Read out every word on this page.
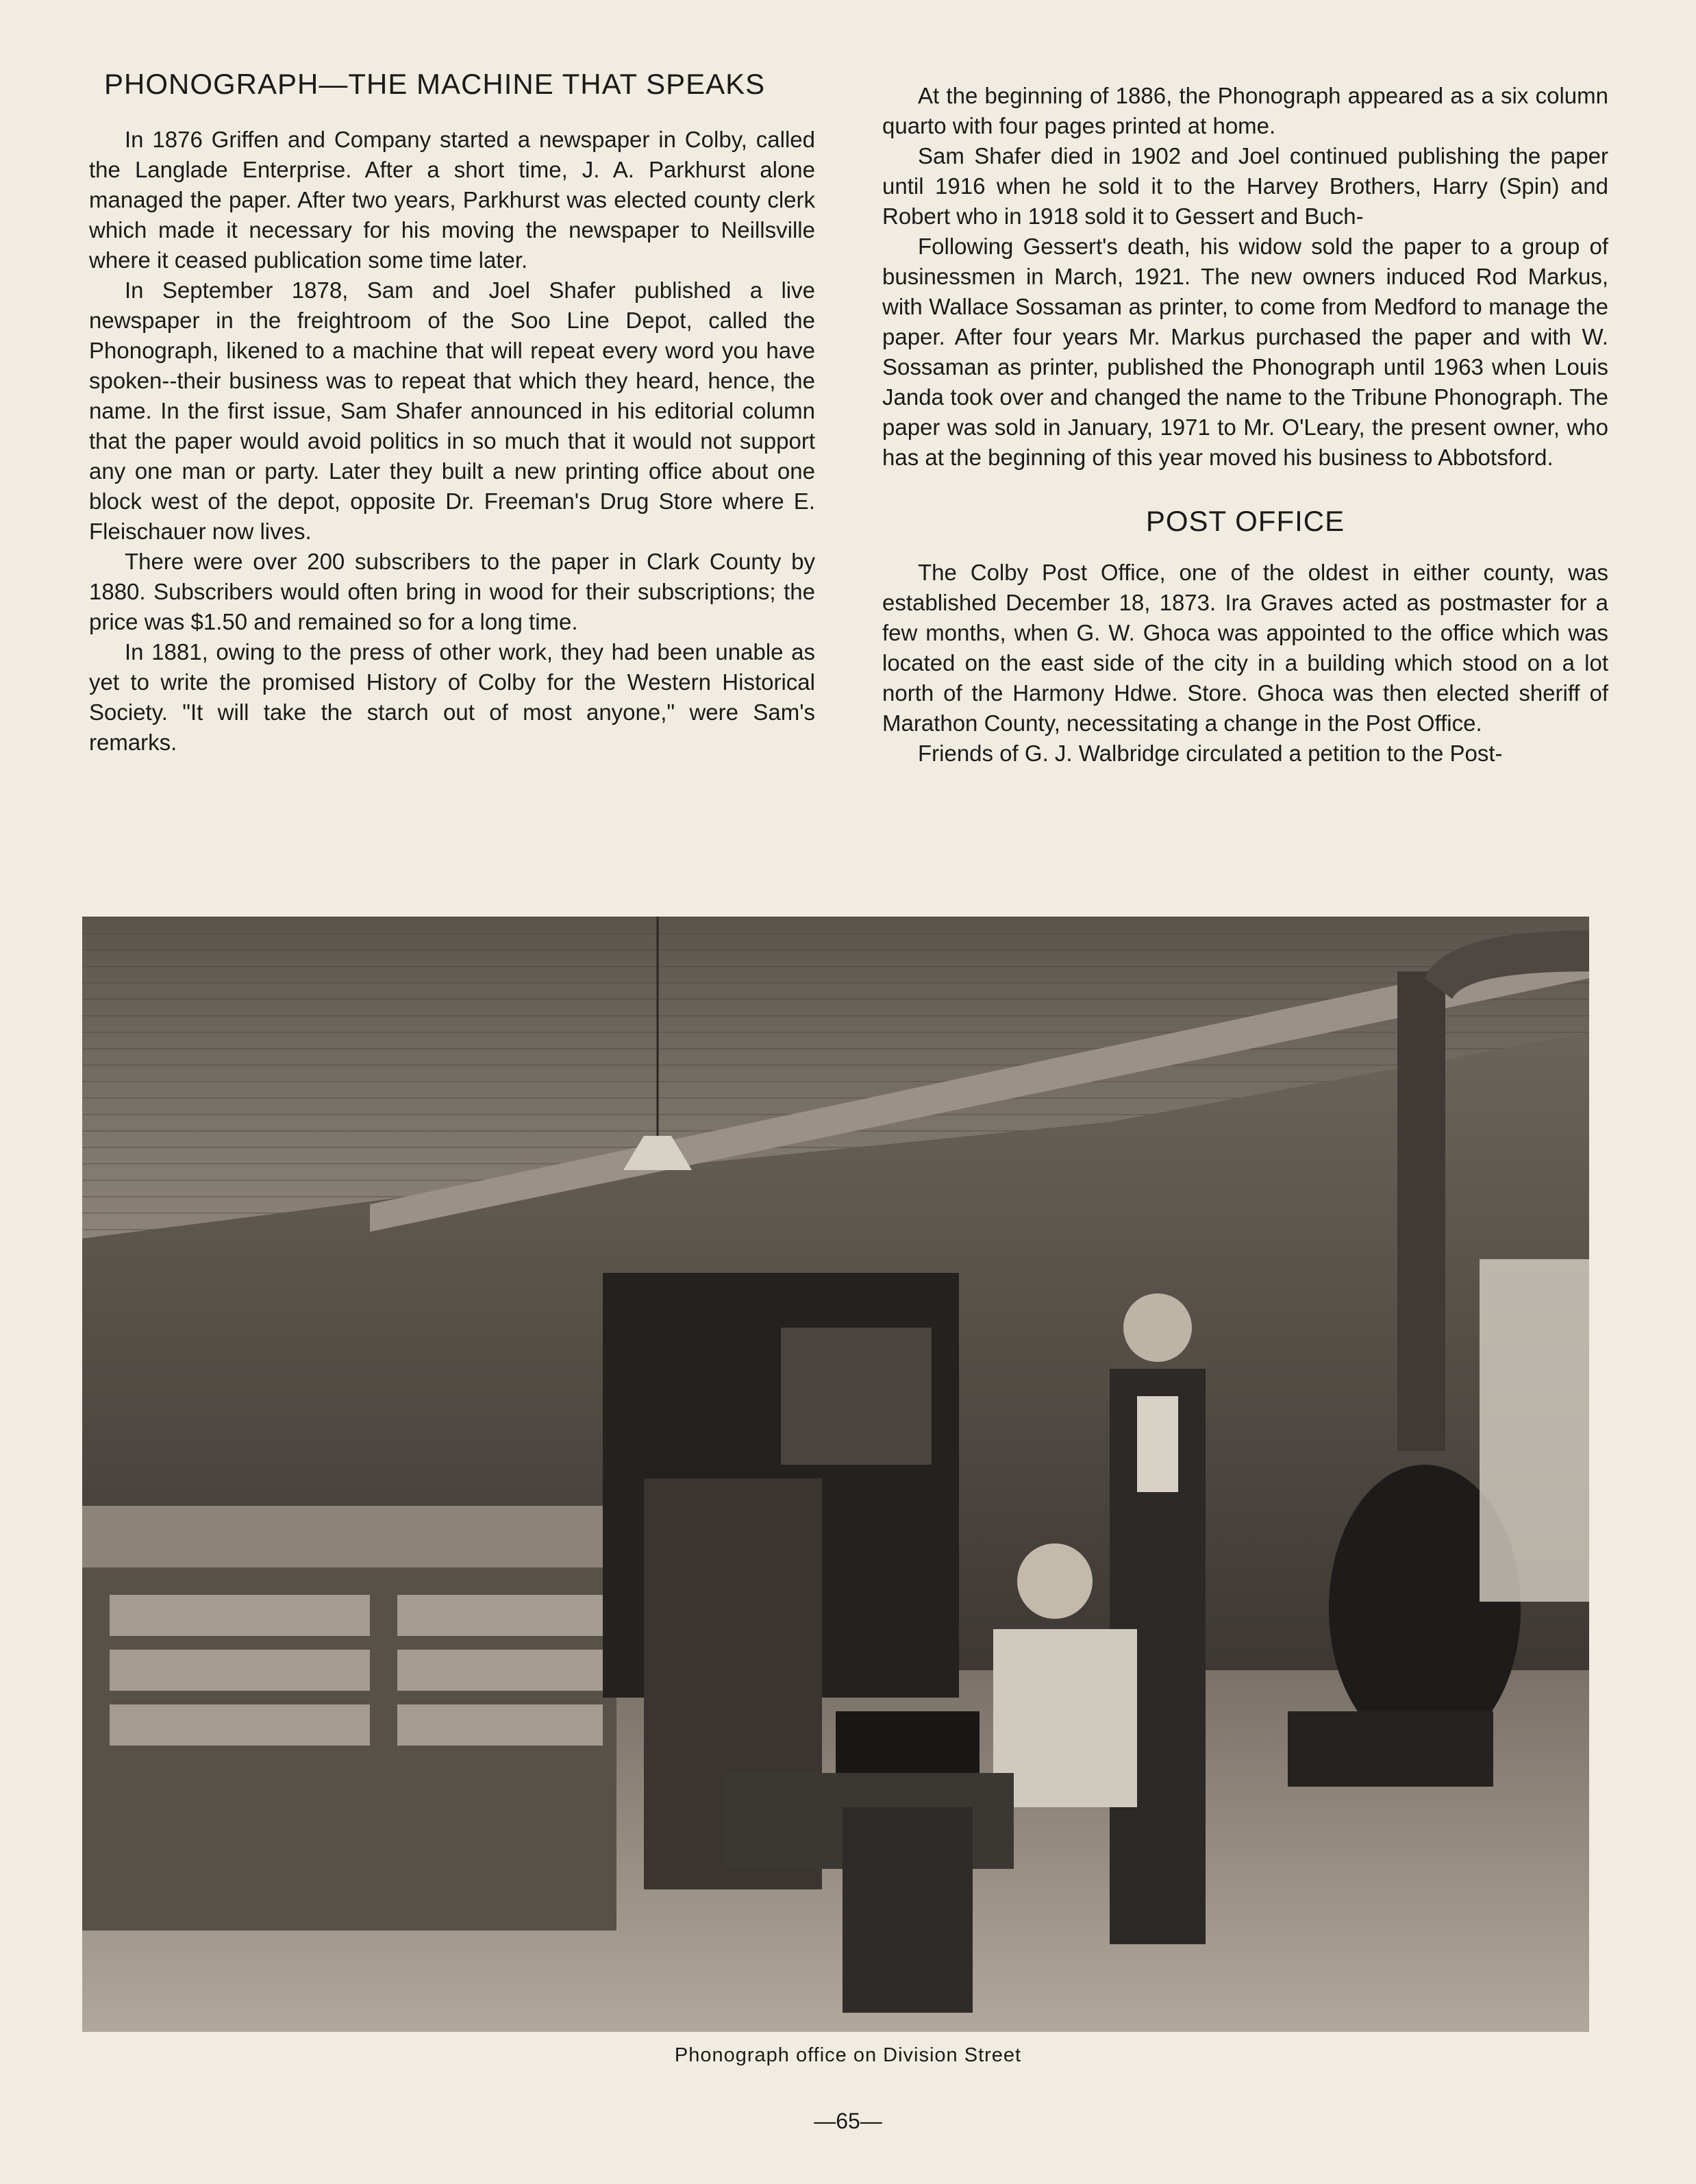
PHONOGRAPH—THE MACHINE THAT SPEAKS

In 1876 Griffen and Company started a newspaper in Colby, called the Langlade Enterprise. After a short time, J. A. Parkhurst alone managed the paper. After two years, Parkhurst was elected county clerk which made it necessary for his moving the newspaper to Neillsville where it ceased publication some time later.

In September 1878, Sam and Joel Shafer published a live newspaper in the freightroom of the Soo Line Depot, called the Phonograph, likened to a machine that will repeat every word you have spoken--their business was to repeat that which they heard, hence, the name. In the first issue, Sam Shafer announced in his editorial column that the paper would avoid politics in so much that it would not support any one man or party. Later they built a new printing office about one block west of the depot, opposite Dr. Freeman's Drug Store where E. Fleischauer now lives.

There were over 200 subscribers to the paper in Clark County by 1880. Subscribers would often bring in wood for their subscriptions; the price was $1.50 and remained so for a long time.

In 1881, owing to the press of other work, they had been unable as yet to write the promised History of Colby for the Western Historical Society. "It will take the starch out of most anyone," were Sam's remarks.

At the beginning of 1886, the Phonograph appeared as a six column quarto with four pages printed at home.

Sam Shafer died in 1902 and Joel continued publishing the paper until 1916 when he sold it to the Harvey Brothers, Harry (Spin) and Robert who in 1918 sold it to Gessert and Buch-

Following Gessert's death, his widow sold the paper to a group of businessmen in March, 1921. The new owners induced Rod Markus, with Wallace Sossaman as printer, to come from Medford to manage the paper. After four years Mr. Markus purchased the paper and with W. Sossaman as printer, published the Phonograph until 1963 when Louis Janda took over and changed the name to the Tribune Phonograph. The paper was sold in January, 1971 to Mr. O'Leary, the present owner, who has at the beginning of this year moved his business to Abbotsford.

POST OFFICE

The Colby Post Office, one of the oldest in either county, was established December 18, 1873. Ira Graves acted as postmaster for a few months, when G. W. Ghoca was appointed to the office which was located on the east side of the city in a building which stood on a lot north of the Harmony Hdwe. Store. Ghoca was then elected sheriff of Marathon County, necessitating a change in the Post Office.

Friends of G. J. Walbridge circulated a petition to the Post-

Phonograph office on Division Street
—65—
